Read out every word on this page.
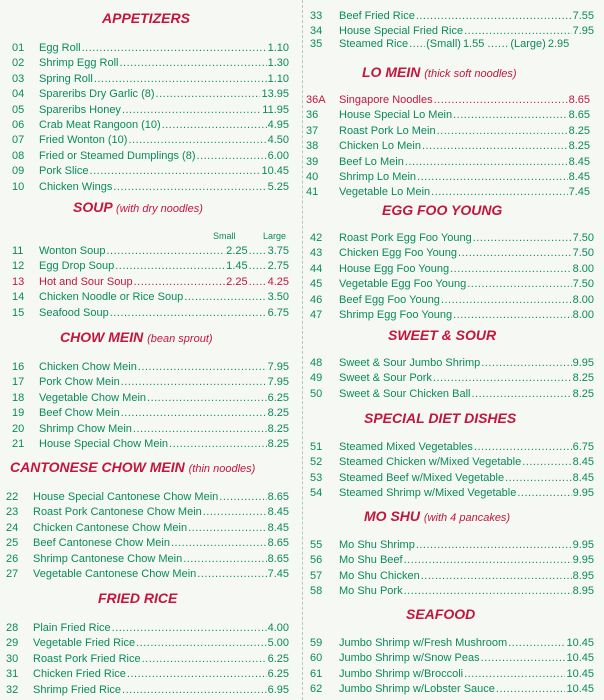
APPETIZERS
01	Egg Roll .....	1.10
02	Shrimp Egg Roll .....	1.30
03	Spring Roll .....	1.10
04	Spareribs Dry Garlic (8) .....	13.95
05	Spareribs Honey .....	11.95
06	Crab Meat Rangoon (10) .....	4.95
07	Fried Wonton (10) .....	4.50
08	Fried or Steamed Dumplings (8) .....	6.00
09	Pork Slice .....	10.45
10	Chicken Wings .....	5.25
SOUP (with dry noodles)
Small	Large
11	Wonton Soup .....	2.25 ..... 3.75
12	Egg Drop Soup .....	1.45 ..... 2.75
13	Hot and Sour Soup .....	2.25 ..... 4.25
14	Chicken Noodle or Rice Soup .....	3.50
15	Seafood Soup .....	6.75
CHOW MEIN (bean sprout)
16	Chicken Chow Mein .....	7.95
17	Pork Chow Mein .....	7.95
18	Vegetable Chow Mein .....	6.25
19	Beef Chow Mein .....	8.25
20	Shrimp Chow Mein .....	8.25
21	House Special Chow Mein .....	8.25
CANTONESE CHOW MEIN (thin noodles)
22	House Special Cantonese Chow Mein .....	8.65
23	Roast Pork Cantonese Chow Mein .....	8.45
24	Chicken Cantonese Chow Mein .....	8.45
25	Beef Cantonese Chow Mein .....	8.65
26	Shrimp Cantonese Chow Mein .....	8.65
27	Vegetable Cantonese Chow Mein .....	7.45
FRIED RICE
28	Plain Fried Rice .....	4.00
29	Vegetable Fried Rice .....	5.00
30	Roast Pork Fried Rice .....	6.25
31	Chicken Fried Rice .....	6.25
32	Shrimp Fried Rice .....	6.95
33	Beef Fried Rice .....	7.55
34	House Special Fried Rice .....	7.95
35	Steamed Rice ..... (Small) 1.55 ..... (Large) 2.95
LO MEIN (thick soft noodles)
36A	Singapore Noodles .....	8.65
36	House Special Lo Mein .....	8.65
37	Roast Pork Lo Mein .....	8.25
38	Chicken Lo Mein .....	8.25
39	Beef Lo Mein .....	8.45
40	Shrimp Lo Mein .....	8.45
41	Vegetable Lo Mein .....	7.45
EGG FOO YOUNG
42	Roast Pork Egg Foo Young .....	7.50
43	Chicken Egg Foo Young .....	7.50
44	House Egg Foo Young .....	8.00
45	Vegetable Egg Foo Young .....	7.50
46	Beef Egg Foo Young .....	8.00
47	Shrimp Egg Foo Young .....	8.00
SWEET & SOUR
48	Sweet & Sour Jumbo Shrimp .....	9.95
49	Sweet & Sour Pork .....	8.25
50	Sweet & Sour Chicken Ball .....	8.25
SPECIAL DIET DISHES
51	Steamed Mixed Vegetables .....	6.75
52	Steamed Chicken w/Mixed Vegetable .....	8.45
53	Steamed Beef w/Mixed Vegetable .....	8.45
54	Steamed Shrimp w/Mixed Vegetable .....	9.95
MO SHU (with 4 pancakes)
55	Mo Shu Shrimp .....	9.95
56	Mo Shu Beef .....	9.95
57	Mo Shu Chicken .....	8.95
58	Mo Shu Pork .....	8.95
SEAFOOD
59	Jumbo Shrimp w/Fresh Mushroom .....	10.45
60	Jumbo Shrimp w/Snow Peas .....	10.45
61	Jumbo Shrimp w/Broccoli .....	10.45
62	Jumbo Shrimp w/Lobster Sauce .....	10.45
